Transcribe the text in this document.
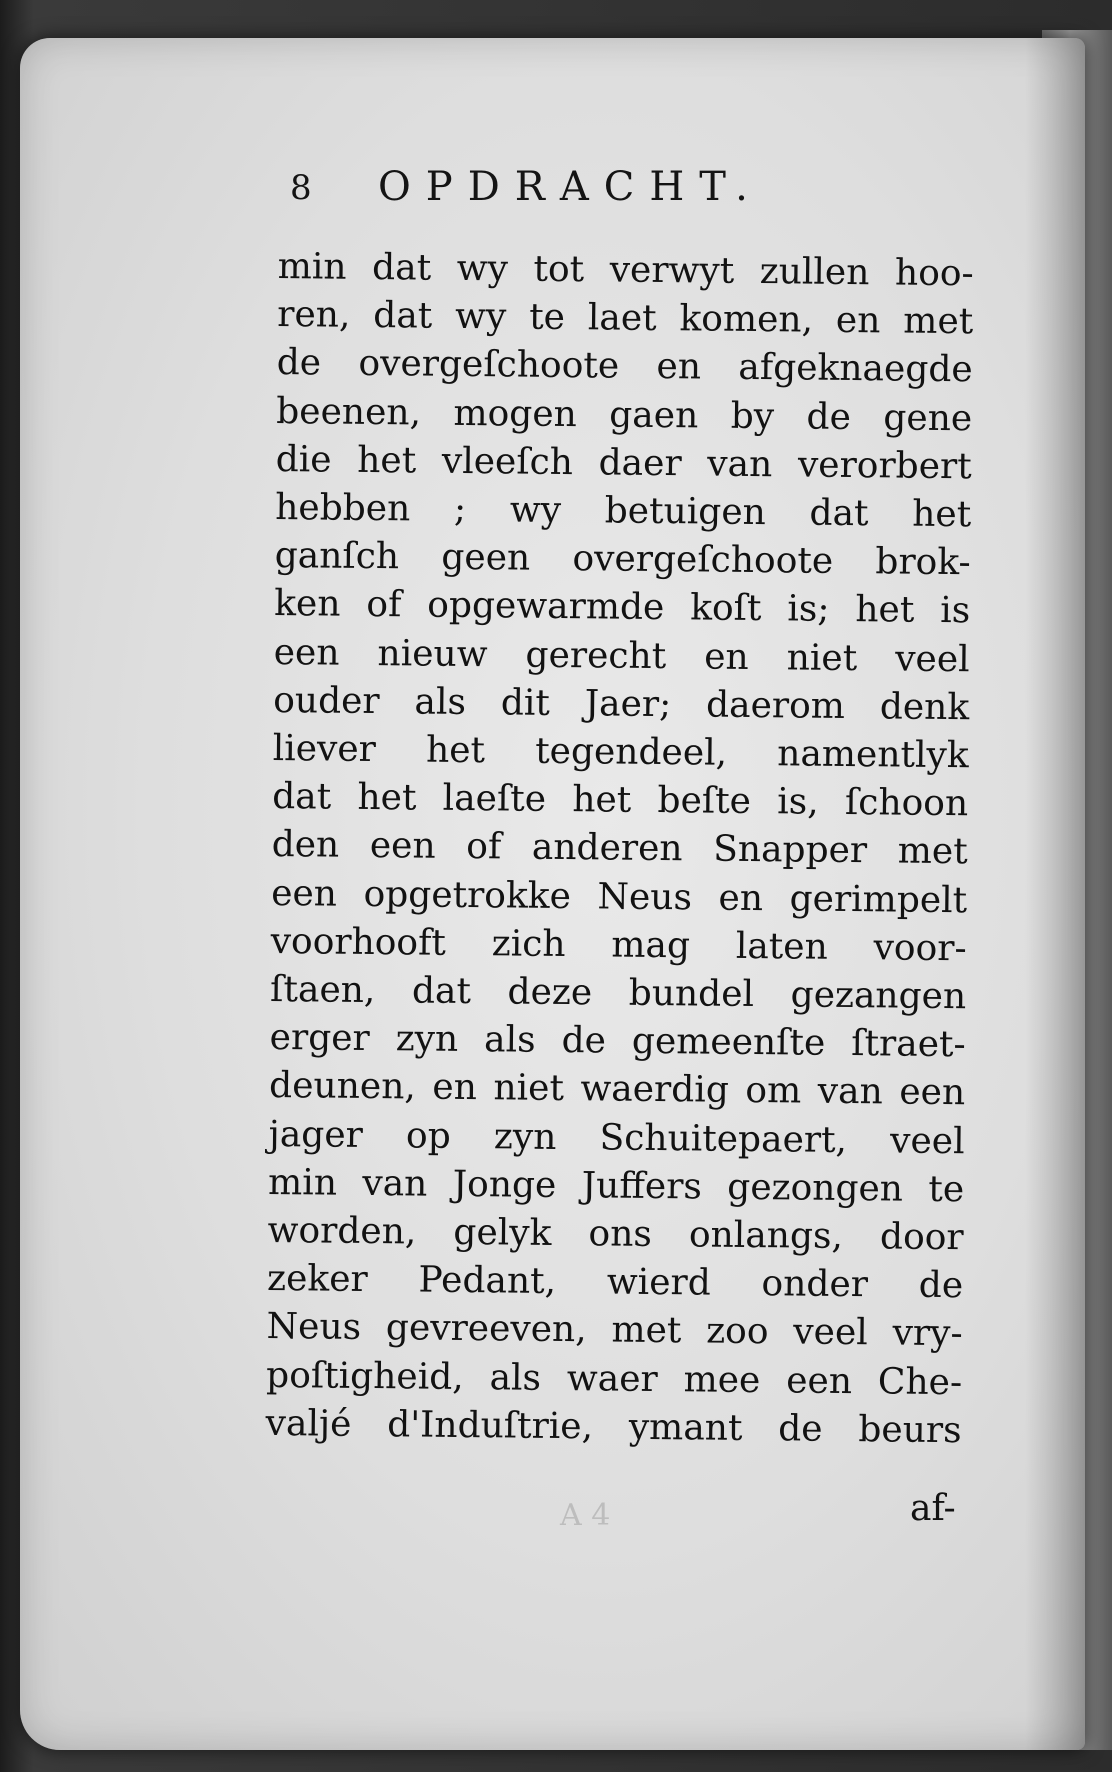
8 OPDRACHT.
min dat wy tot verwyt zullen hoo-
ren, dat wy te laet komen, en met
de overgeſchoote en afgeknaegde
beenen, mogen gaen by de gene
die het vleeſch daer van verorbert
hebben ; wy betuigen dat het
ganſch geen overgeſchoote brok-
ken of opgewarmde koſt is; het is
een nieuw gerecht en niet veel
ouder als dit Jaer; daerom denk
liever het tegendeel, namentlyk
dat het laeſte het beſte is, ſchoon
den een of anderen Snapper met
een opgetrokke Neus en gerimpelt
voorhooft zich mag laten voor-
ſtaen, dat deze bundel gezangen
erger zyn als de gemeenſte ſtraet-
deunen, en niet waerdig om van een
jager op zyn Schuitepaert, veel
min van Jonge Juffers gezongen te
worden, gelyk ons onlangs, door
zeker Pedant, wierd onder de
Neus gevreeven, met zoo veel vry-
poſtigheid, als waer mee een Che-
valjé d'Induſtrie, ymant de beurs
A 4	af-
